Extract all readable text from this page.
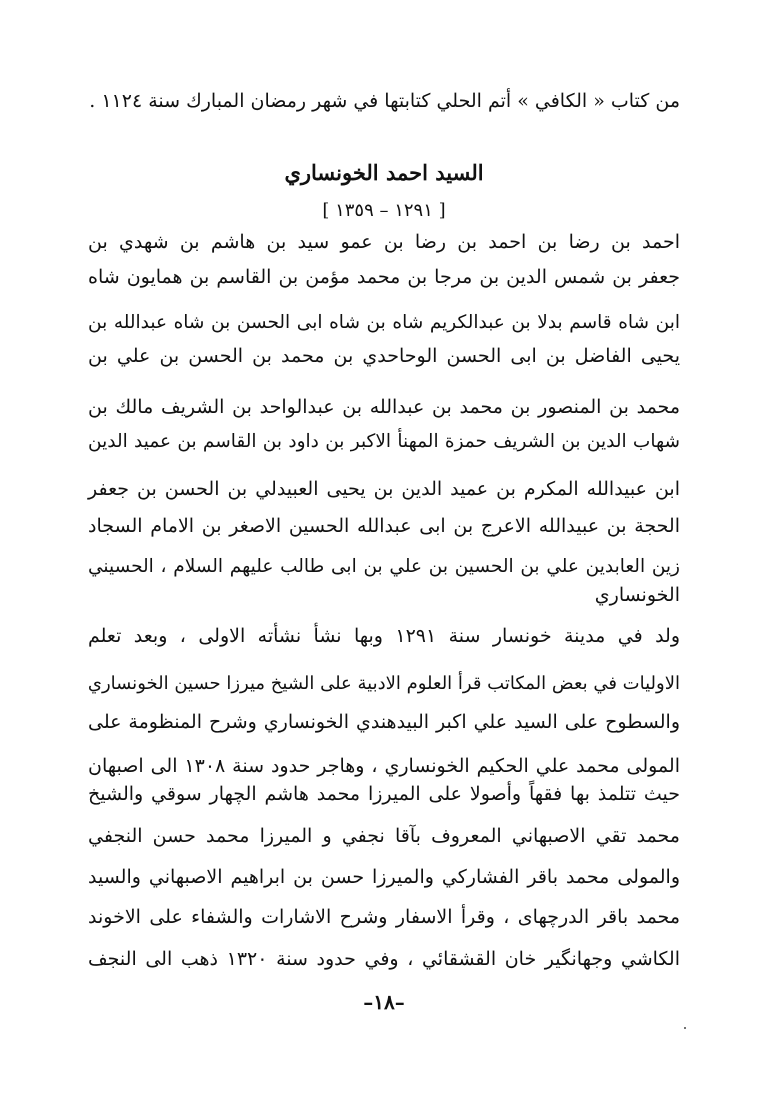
من كتاب « الكافي » أتم الحلي كتابتها في شهر رمضان المبارك سنة ١١٢٤ .
السيد احمد الخونساري
[ ١٢٩١ – ١٣٥٩ ]
احمد بن رضا بن احمد بن رضا بن عمو سيد بن هاشم بن شهدي بن
جعفر بن شمس الدين بن مرجا بن محمد مؤمن بن القاسم بن همايون شاه
ابن شاه قاسم بدلا بن عبدالكريم شاه بن شاه ابى الحسن بن شاه عبدالله بن
يحيى الفاضل بن ابى الحسن الوحاحدي بن محمد بن الحسن بن علي بن
محمد بن المنصور بن محمد بن عبدالله بن عبدالواحد بن الشريف مالك بن
شهاب الدين بن الشريف حمزة المهنأ الاكبر بن داود بن القاسم بن عميد الدين
ابن عبيدالله المكرم بن عميد الدين بن يحيى العبيدلي بن الحسن بن جعفر
الحجة بن عبيدالله الاعرج بن ابى عبدالله الحسين الاصغر بن الامام السجاد
زين العابدين علي بن الحسين بن علي بن ابى طالب عليهم السلام ، الحسيني
الخونساري
ولد في مدينة خونسار سنة ١٢٩١ وبها نشأ نشأته الاولى ، وبعد تعلم
الاوليات في بعض المكاتب قرأ العلوم الادبية على الشيخ ميرزا حسين الخونساري
والسطوح على السيد علي اكبر البيدهندي الخونساري وشرح المنظومة على
المولى محمد علي الحكيم الخونساري ، وهاجر حدود سنة ١٣٠٨ الى اصبهان
حيث تتلمذ بها فقهاً وأصولا على الميرزا محمد هاشم الچهار سوقي والشيخ
محمد تقي الاصبهاني المعروف بآقا نجفي و الميرزا محمد حسن النجفي
والمولى محمد باقر الفشاركي والميرزا حسن بن ابراهيم الاصبهاني والسيد
محمد باقر الدرچهاى ، وقرأ الاسفار وشرح الاشارات والشفاء على الاخوند
الكاشي وجهانگير خان القشقائي ، وفي حدود سنة ١٣٢٠ ذهب الى النجف
–١٨–
